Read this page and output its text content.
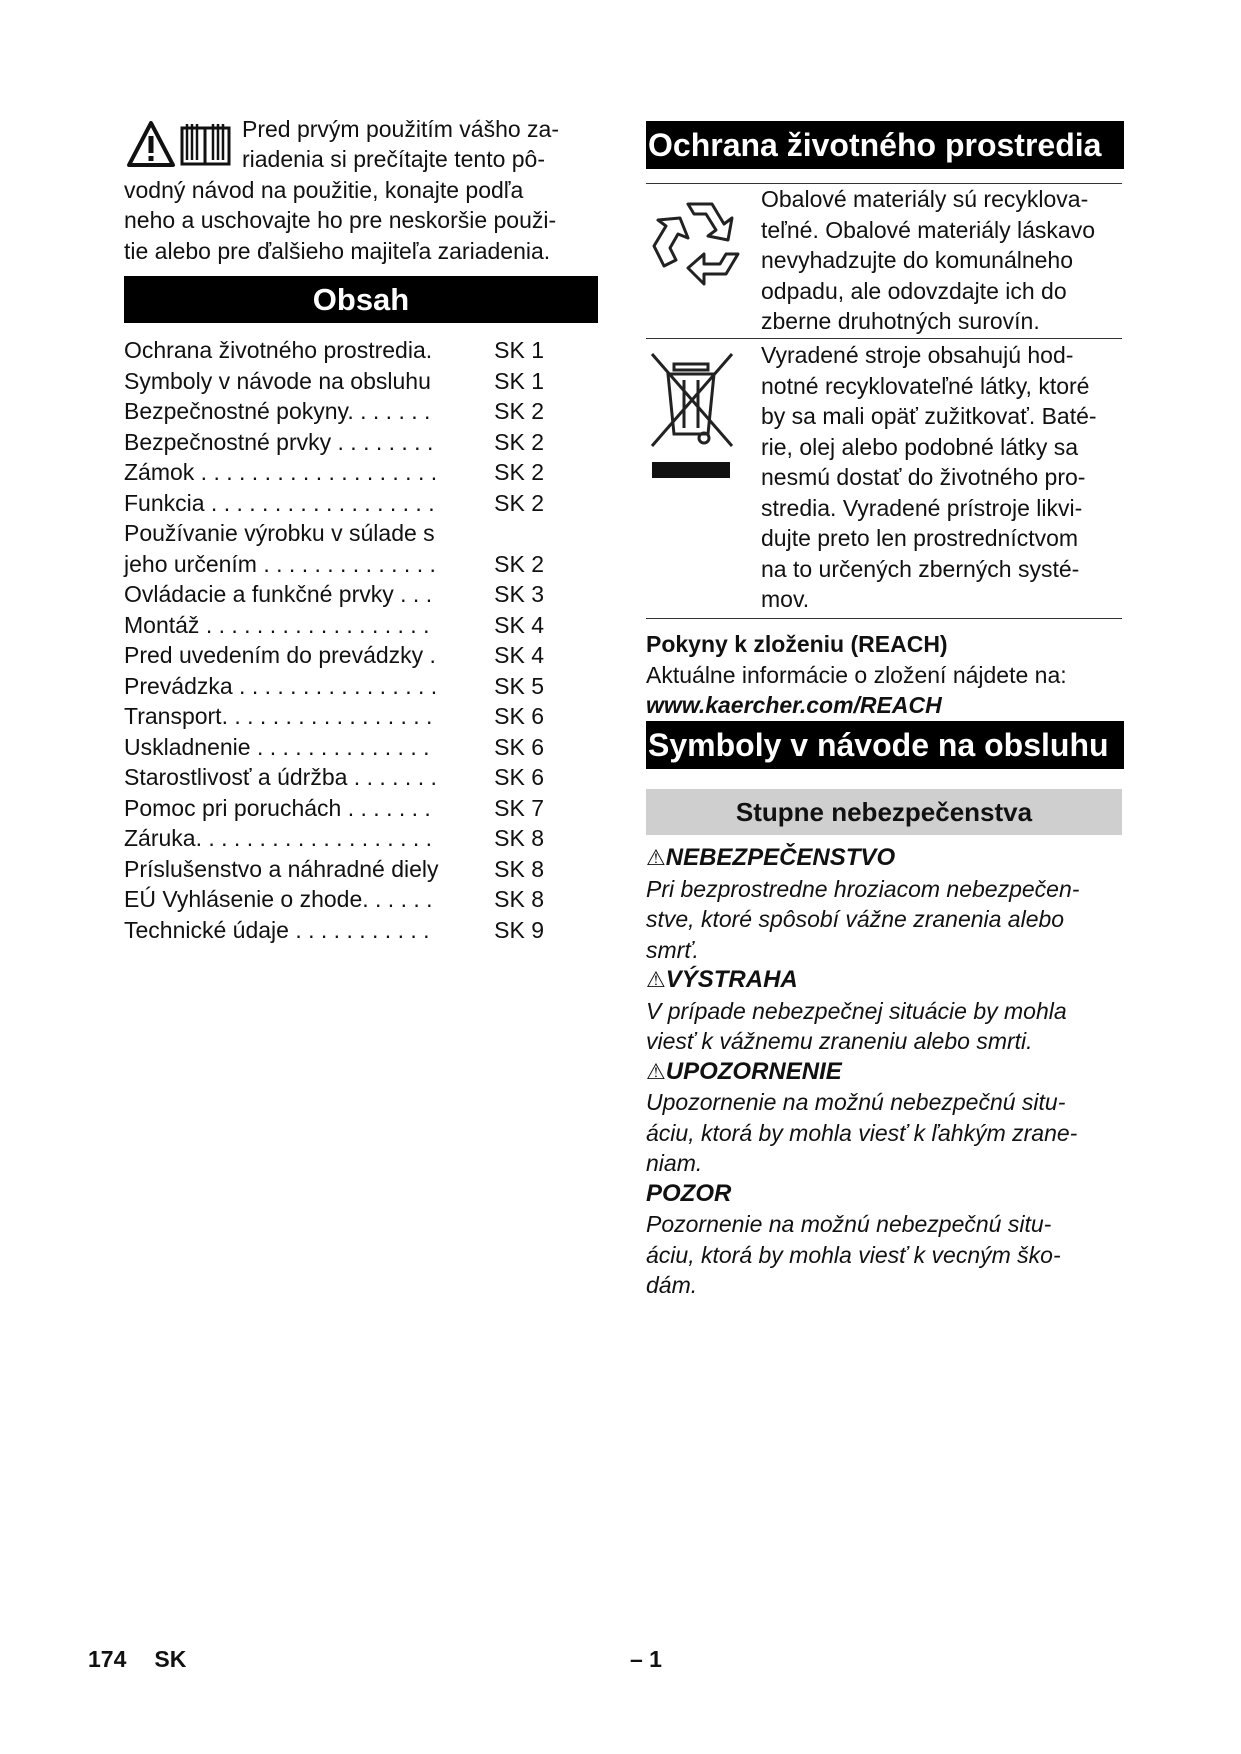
Pred prvým použitím vášho za-
riadenia si prečítajte tento pô-
vodný návod na použitie, konajte podľa
neho a uschovajte ho pre neskoršie použi-
tie alebo pre ďalšieho majiteľa zariadenia.
Obsah
Ochrana životného prostredia.	SK 1
Symboly v návode na obsluhu	SK 1
Bezpečnostné pokyny. . . . . . .	SK 2
Bezpečnostné prvky . . . . . . . .	SK 2
Zámok . . . . . . . . . . . . . . . . . . . SK 2
Funkcia . . . . . . . . . . . . . . . . . .	SK 2
Používanie výrobku v súlade s
jeho určením . . . . . . . . . . . . . .	SK 2
Ovládacie a funkčné prvky . . .	SK 3
Montáž . . . . . . . . . . . . . . . . . .	SK 4
Pred uvedením do prevádzky .	SK 4
Prevádzka . . . . . . . . . . . . . . . . SK 5
Transport. . . . . . . . . . . . . . . . .	SK 6
Uskladnenie . . . . . . . . . . . . . .	SK 6
Starostlivosť a údržba . . . . . . . SK 6
Pomoc pri poruchách . . . . . . .	SK 7
Záruka. . . . . . . . . . . . . . . . . . .	SK 8
Príslušenstvo a náhradné diely SK 8
EÚ Vyhlásenie o zhode. . . . . .	SK 8
Technické údaje . . . . . . . . . . .	SK 9
Ochrana životného prostredia
Obalové materiály sú recyklova-
teľné. Obalové materiály láskavo
nevyhadzujte do komunálneho
odpadu, ale odovzdajte ich do
zberne druhotných surovín.
Vyradené stroje obsahujú hod-
notné recyklovateľné látky, ktoré
by sa mali opäť zužitkovať. Baté-
rie, olej alebo podobné látky sa
nesmú dostať do životného pro-
stredia. Vyradené prístroje likvi-
dujte preto len prostredníctvom
na to určených zberných systé-
mov.
Pokyny k zloženiu (REACH)
Aktuálne informácie o zložení nájdete na:
www.kaercher.com/REACH
Symboly v návode na obsluhu
Stupne nebezpečenstva
⚠NEBEZPEČENSTVO
Pri bezprostredne hroziacom nebezpečen-
stve, ktoré spôsobí vážne zranenia alebo
smrť.
⚠VÝSTRAHA
V prípade nebezpečnej situácie by mohla
viesť k vážnemu zraneniu alebo smrti.
⚠UPOZORNENIE
Upozornenie na možnú nebezpečnú situ-
áciu, ktorá by mohla viesť k ľahkým zrane-
niam.
POZOR
Pozornenie na možnú nebezpečnú situ-
áciu, ktorá by mohla viesť k vecným ško-
dám.
174 SK	– 1
